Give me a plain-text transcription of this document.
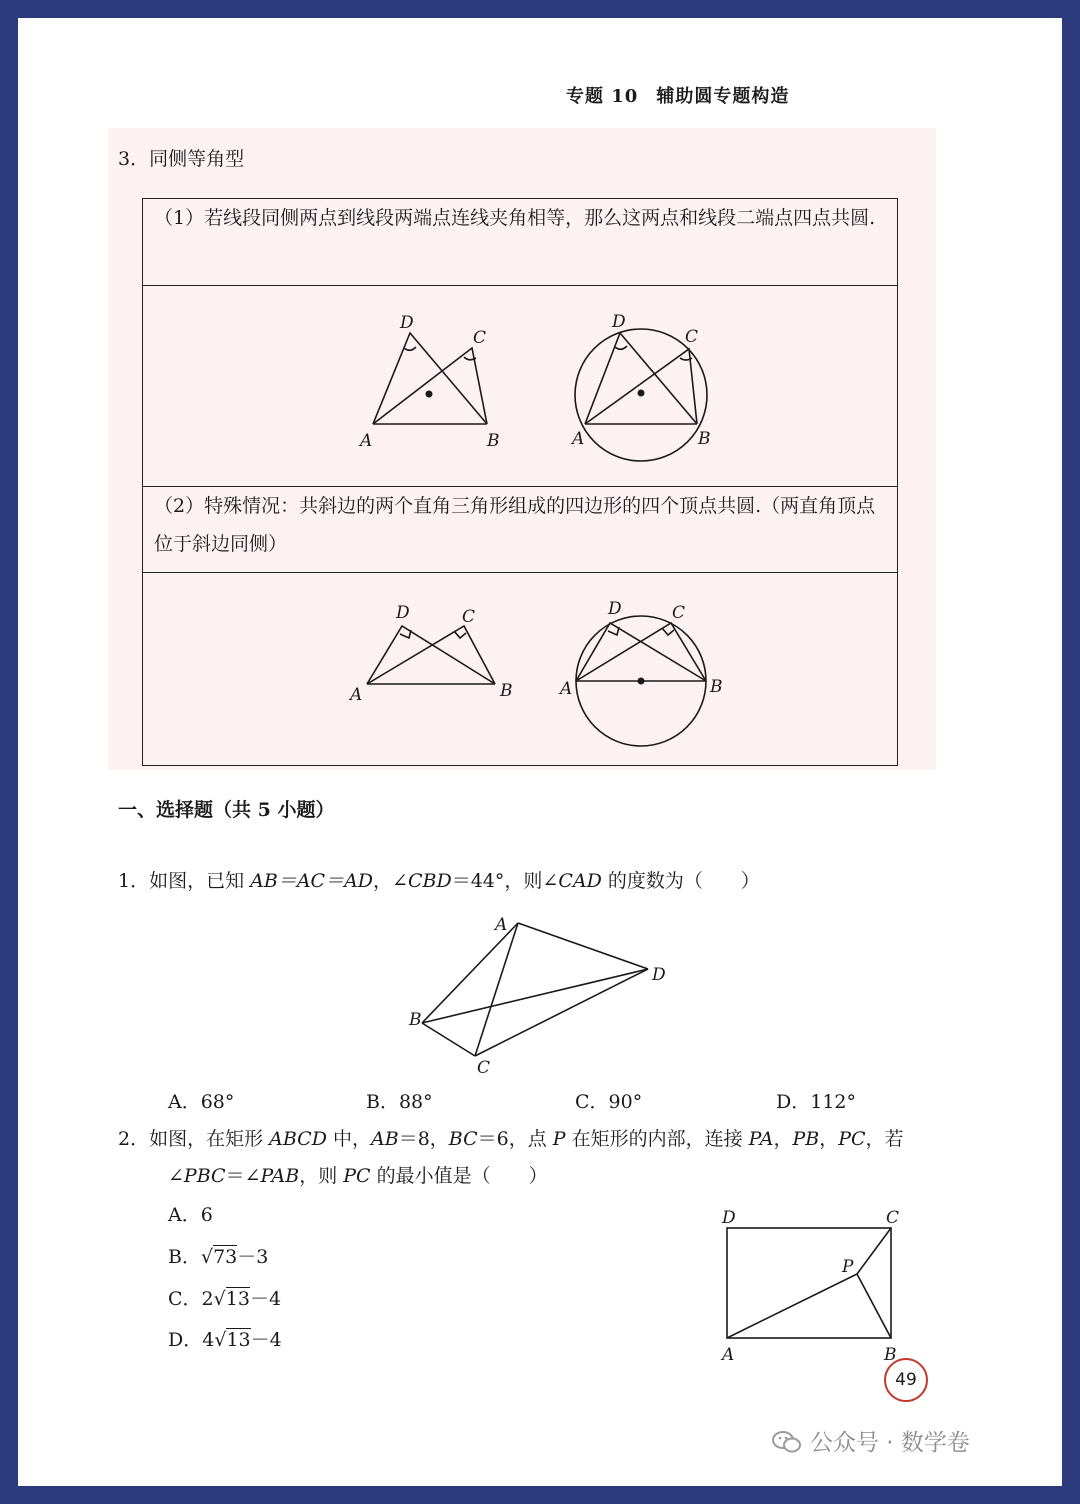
专题 10 辅助圆专题构造
3．同侧等角型
（1）若线段同侧两点到线段两端点连线夹角相等，那么这两点和线段二端点四点共圆.
D
C
A	B
D
C
A	B
（2）特殊情况：共斜边的两个直角三角形组成的四边形的四个顶点共圆.（两直角顶点位于斜边同侧）
D	C
A	B
D	C
A	B
一、选择题（共 5 小题）
1．如图，已知 AB＝AC＝AD，∠CBD＝44°，则∠CAD 的度数为（　　）
A
D
B
C
A．68°	B．88°	C．90°	D．112°
2．如图，在矩形 ABCD 中，AB＝8，BC＝6，点 P 在矩形的内部，连接 PA，PB，PC，若
∠PBC＝∠PAB，则 PC 的最小值是（　　）
A．6
B．√73－3
C．2√13－4
D．4√13－4
D	C
P
A	B
49
公众号 · 数学卷
